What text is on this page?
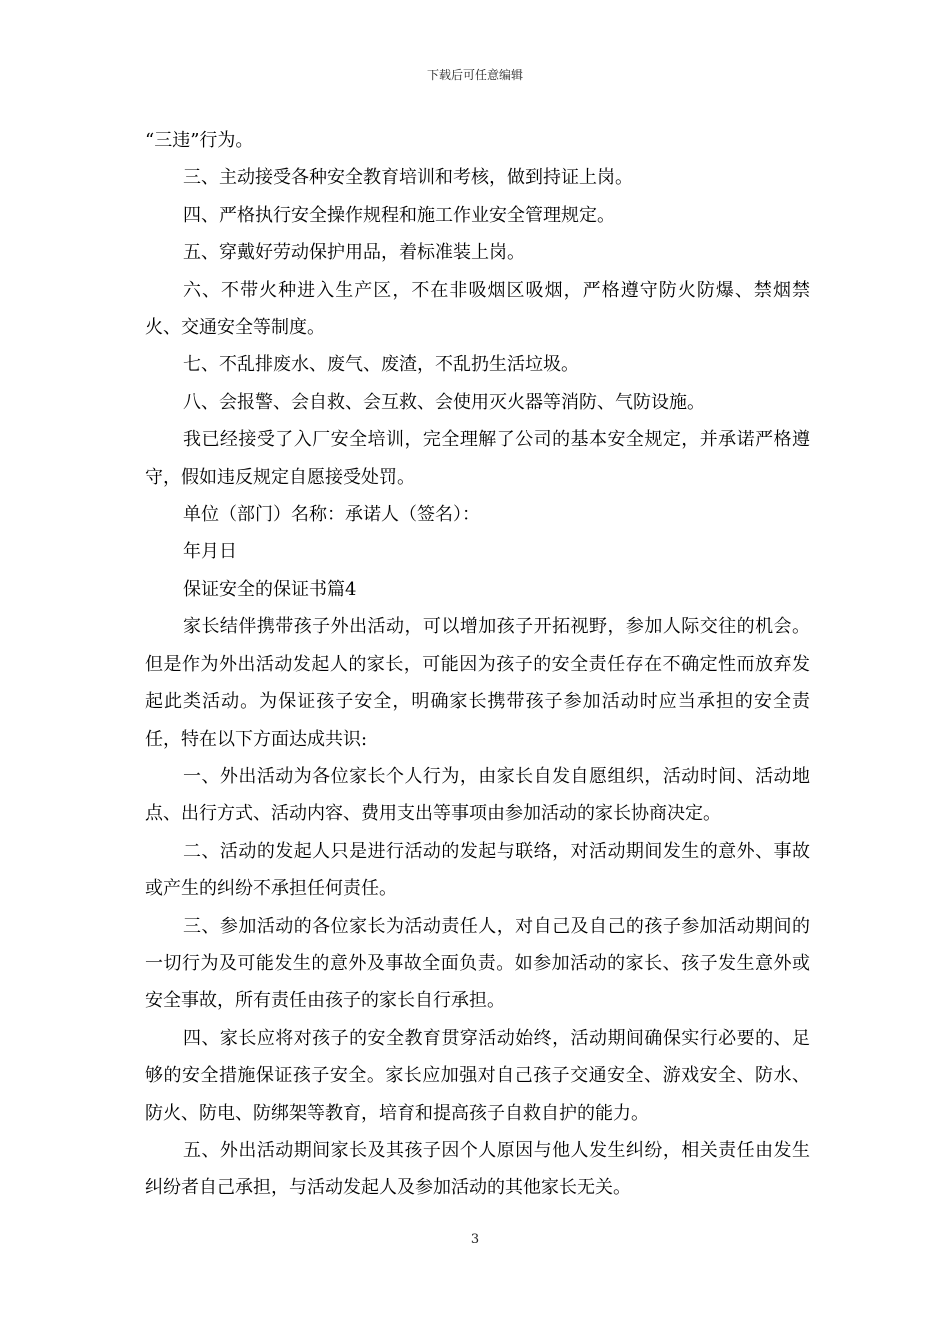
下载后可任意编辑

“三违”行为。

三、主动接受各种安全教育培训和考核，做到持证上岗。

四、严格执行安全操作规程和施工作业安全管理规定。

五、穿戴好劳动保护用品，着标准装上岗。

六、不带火种进入生产区，不在非吸烟区吸烟，严格遵守防火防爆、禁烟禁火、交通安全等制度。

七、不乱排废水、废气、废渣，不乱扔生活垃圾。

八、会报警、会自救、会互救、会使用灭火器等消防、气防设施。

我已经接受了入厂安全培训，完全理解了公司的基本安全规定，并承诺严格遵守，假如违反规定自愿接受处罚。

单位（部门）名称：承诺人（签名）：

年月日

保证安全的保证书篇4

家长结伴携带孩子外出活动，可以增加孩子开拓视野，参加人际交往的机会。但是作为外出活动发起人的家长，可能因为孩子的安全责任存在不确定性而放弃发起此类活动。为保证孩子安全，明确家长携带孩子参加活动时应当承担的安全责任，特在以下方面达成共识:

一、外出活动为各位家长个人行为，由家长自发自愿组织，活动时间、活动地点、出行方式、活动内容、费用支出等事项由参加活动的家长协商决定。

二、活动的发起人只是进行活动的发起与联络，对活动期间发生的意外、事故或产生的纠纷不承担任何责任。

三、参加活动的各位家长为活动责任人，对自己及自己的孩子参加活动期间的一切行为及可能发生的意外及事故全面负责。如参加活动的家长、孩子发生意外或安全事故，所有责任由孩子的家长自行承担。

四、家长应将对孩子的安全教育贯穿活动始终，活动期间确保实行必要的、足够的安全措施保证孩子安全。家长应加强对自己孩子交通安全、游戏安全、防水、防火、防电、防绑架等教育，培育和提高孩子自救自护的能力。

五、外出活动期间家长及其孩子因个人原因与他人发生纠纷，相关责任由发生纠纷者自己承担，与活动发起人及参加活动的其他家长无关。

3
